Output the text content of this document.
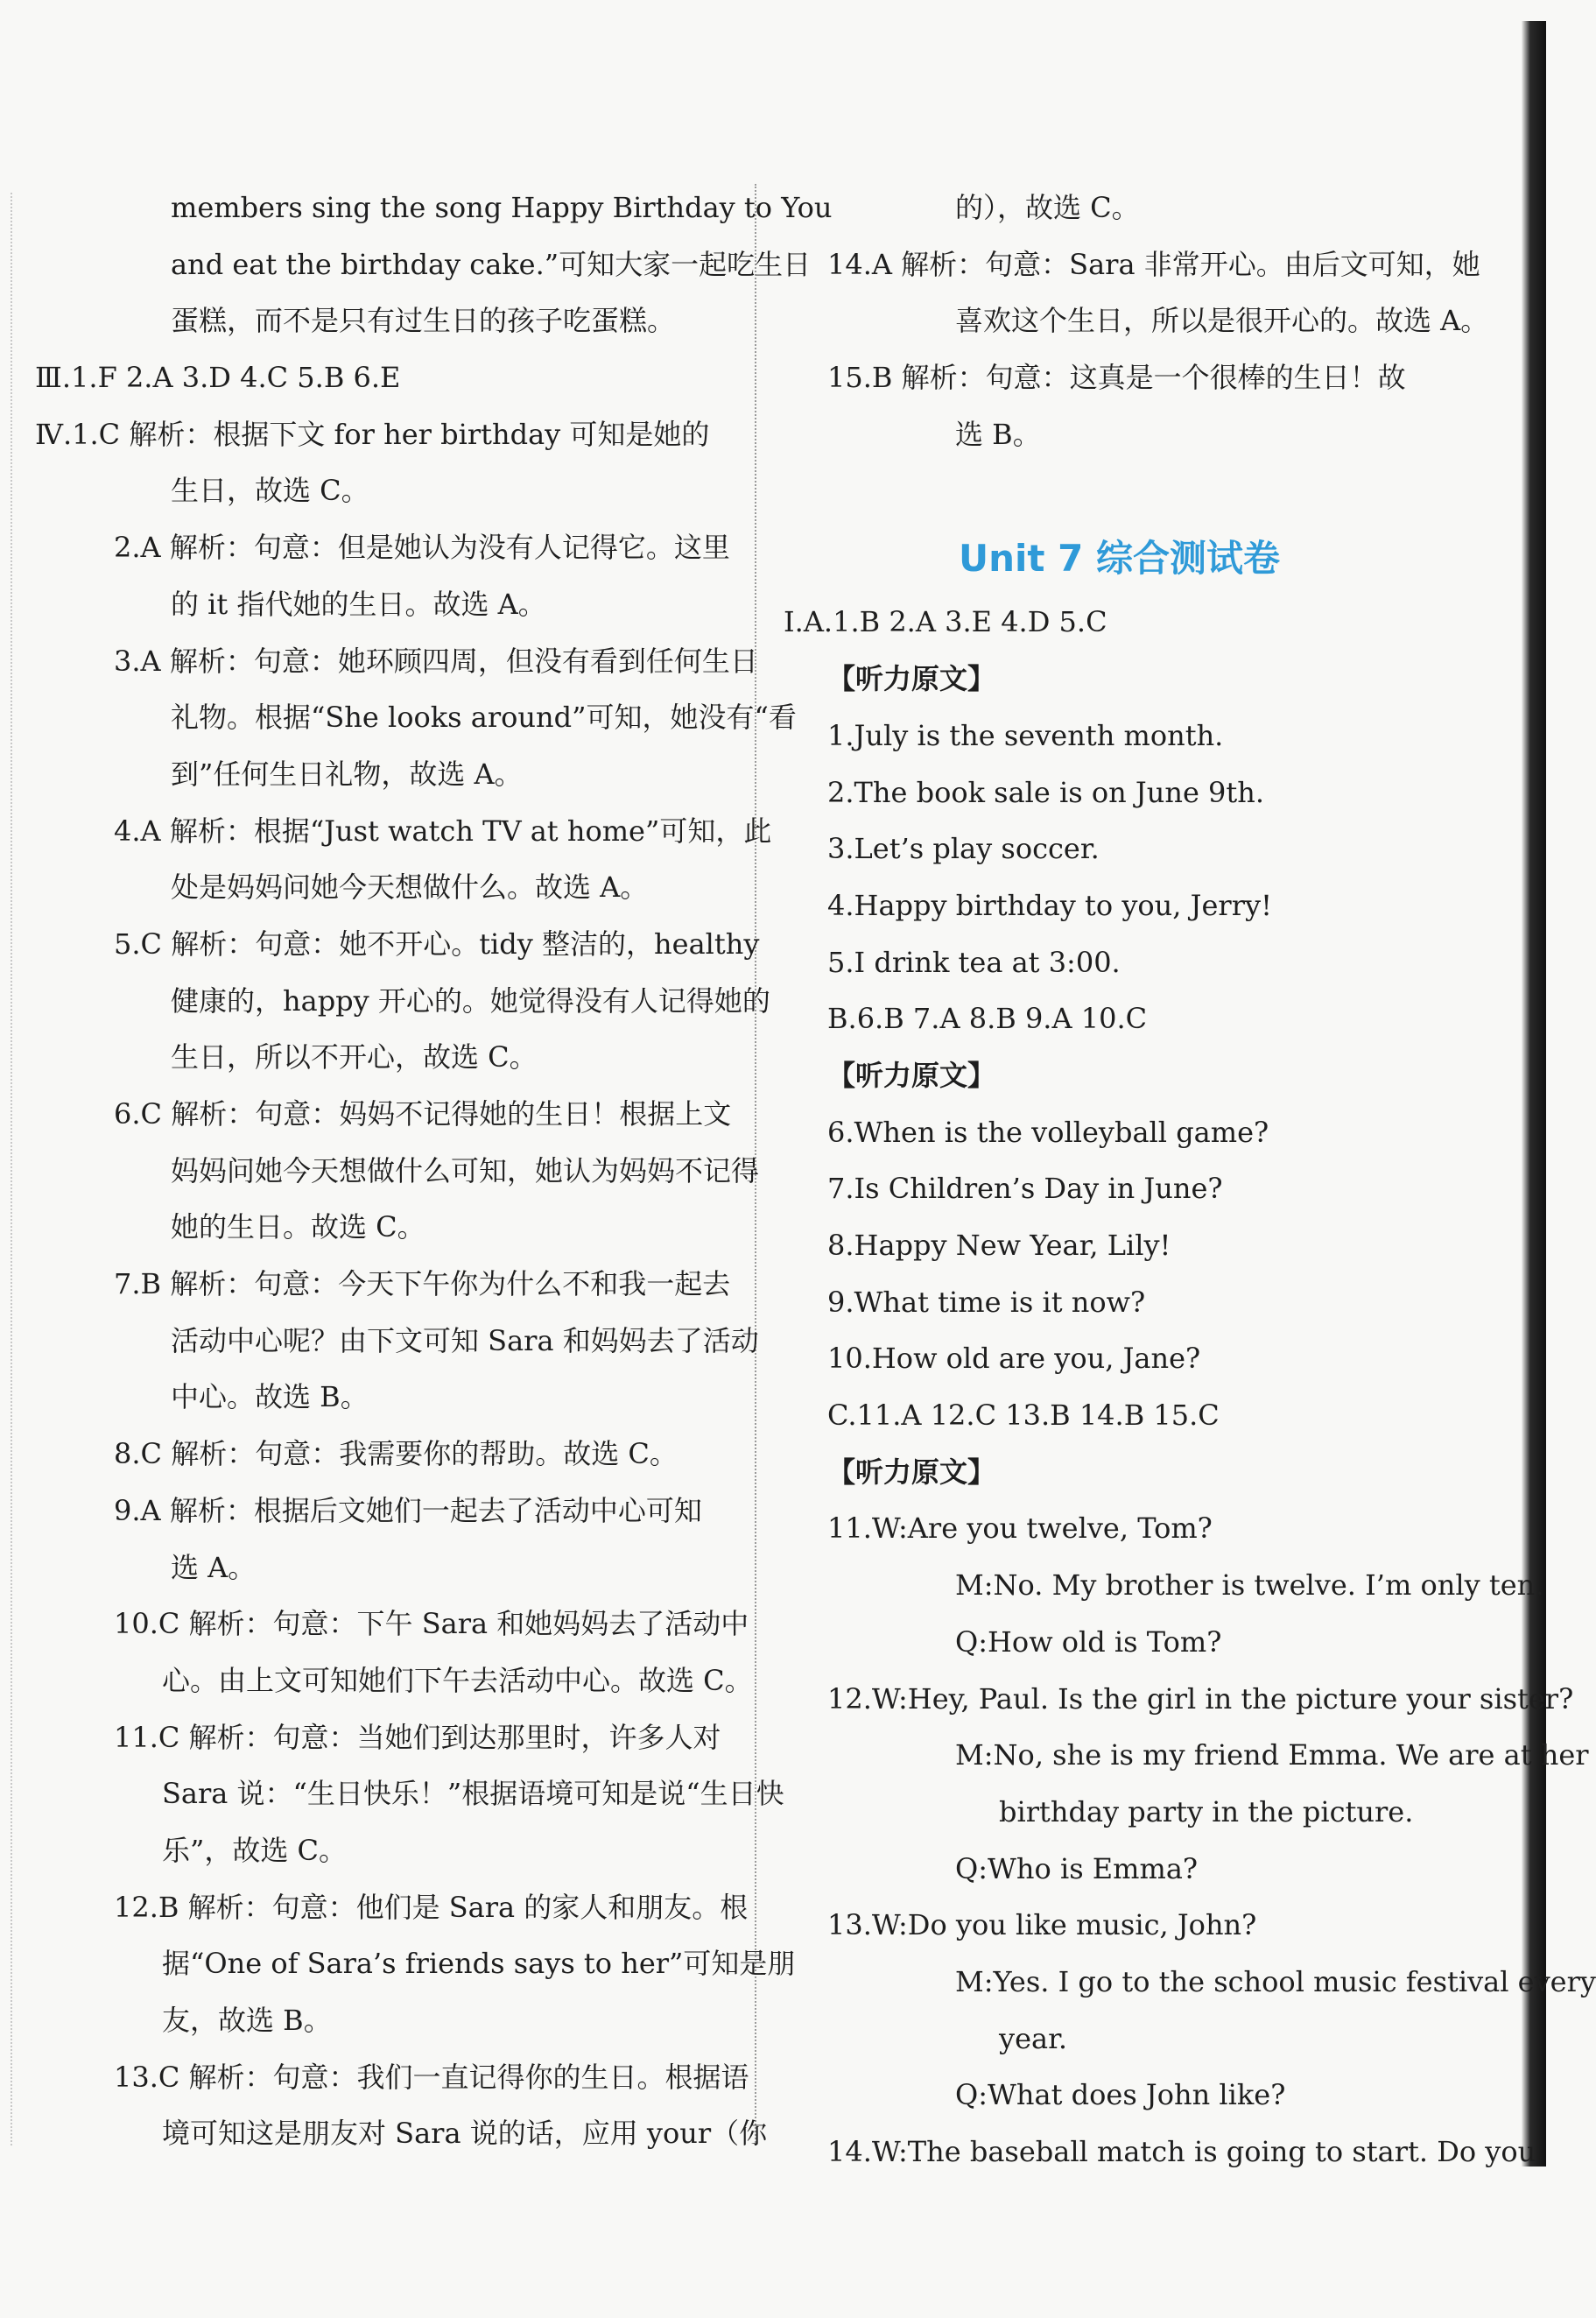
members sing the song Happy Birthday to You
and eat the birthday cake.”可知大家一起吃生日
蛋糕，而不是只有过生日的孩子吃蛋糕。
Ⅲ.1.F 2.A 3.D 4.C 5.B 6.E
Ⅳ.1.C 解析：根据下文 for her birthday 可知是她的
生日，故选 C。
2.A 解析：句意：但是她认为没有人记得它。这里
的 it 指代她的生日。故选 A。
3.A 解析：句意：她环顾四周，但没有看到任何生日
礼物。根据“She looks around”可知，她没有“看
到”任何生日礼物，故选 A。
4.A 解析：根据“Just watch TV at home”可知，此
处是妈妈问她今天想做什么。故选 A。
5.C 解析：句意：她不开心。tidy 整洁的，healthy
健康的，happy 开心的。她觉得没有人记得她的
生日，所以不开心，故选 C。
6.C 解析：句意：妈妈不记得她的生日！根据上文
妈妈问她今天想做什么可知，她认为妈妈不记得
她的生日。故选 C。
7.B 解析：句意：今天下午你为什么不和我一起去
活动中心呢？由下文可知 Sara 和妈妈去了活动
中心。故选 B。
8.C 解析：句意：我需要你的帮助。故选 C。
9.A 解析：根据后文她们一起去了活动中心可知
选 A。
10.C 解析：句意：下午 Sara 和她妈妈去了活动中
心。由上文可知她们下午去活动中心。故选 C。
11.C 解析：句意：当她们到达那里时，许多人对
Sara 说：“生日快乐！”根据语境可知是说“生日快
乐”，故选 C。
12.B 解析：句意：他们是 Sara 的家人和朋友。根
据“One of Sara’s friends says to her”可知是朋
友，故选 B。
13.C 解析：句意：我们一直记得你的生日。根据语
境可知这是朋友对 Sara 说的话，应用 your（你
的），故选 C。
14.A 解析：句意：Sara 非常开心。由后文可知，她
喜欢这个生日，所以是很开心的。故选 A。
15.B 解析：句意：这真是一个很棒的生日！故
选 B。
Unit 7 综合测试卷
Ⅰ.A.1.B 2.A 3.E 4.D 5.C
【听力原文】
1.July is the seventh month.
2.The book sale is on June 9th.
3.Let’s play soccer.
4.Happy birthday to you, Jerry!
5.I drink tea at 3:00.
B.6.B 7.A 8.B 9.A 10.C
【听力原文】
6.When is the volleyball game?
7.Is Children’s Day in June?
8.Happy New Year, Lily!
9.What time is it now?
10.How old are you, Jane?
C.11.A 12.C 13.B 14.B 15.C
【听力原文】
11.W:Are you twelve, Tom?
M:No. My brother is twelve. I’m only ten.
Q:How old is Tom?
12.W:Hey, Paul. Is the girl in the picture your sister?
M:No, she is my friend Emma. We are at her
birthday party in the picture.
Q:Who is Emma?
13.W:Do you like music, John?
M:Yes. I go to the school music festival every
year.
Q:What does John like?
14.W:The baseball match is going to start. Do you
